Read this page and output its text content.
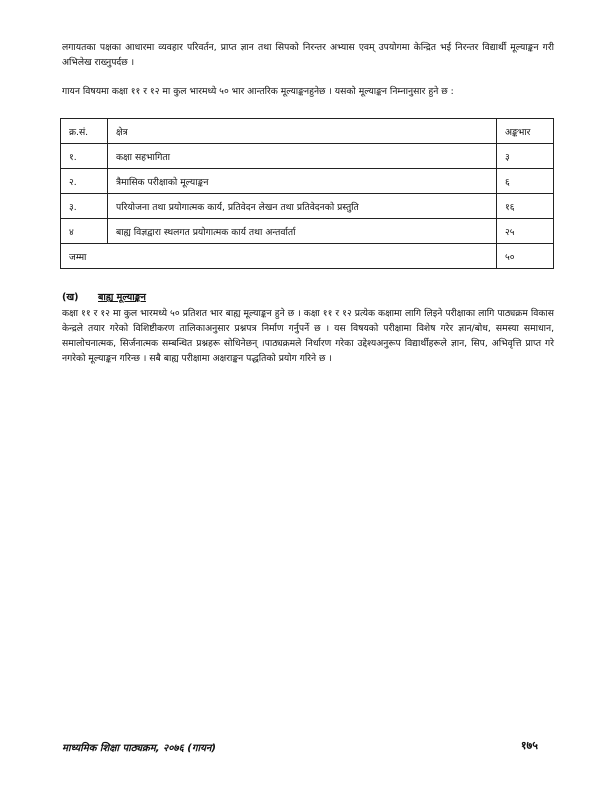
लगायतका पक्षका आधारमा व्यवहार परिवर्तन, प्राप्त ज्ञान तथा सिपको निरन्तर अभ्यास एवम् उपयोगमा केन्द्रित भई निरन्तर विद्यार्थी मूल्याङ्कन गरी अभिलेख राख्नुपर्दछ ।

गायन विषयमा कक्षा ११ र १२ मा कुल भारमध्ये ५० भार आन्तरिक मूल्याङ्कनहुनेछ । यसको मूल्याङ्कन निम्नानुसार हुने छ :

क्र.सं.	क्षेत्र	अङ्कभार
१.	कक्षा सहभागिता	३
२.	त्रैमासिक परीक्षाको मूल्याङ्कन	६
३.	परियोजना तथा प्रयोगात्मक कार्य, प्रतिवेदन लेखन तथा प्रतिवेदनको प्रस्तुति	१६
४	बाह्य विज्ञद्वारा स्थलगत प्रयोगात्मक कार्य तथा अन्तर्वार्ता	२५
जम्मा		५०

(ख) बाह्य मूल्याङ्कन

कक्षा ११ र १२ मा कुल भारमध्ये ५० प्रतिशत भार बाह्य मूल्याङ्कन हुने छ । कक्षा ११ र १२ प्रत्येक कक्षामा लागि लिइने परीक्षाका लागि पाठ्यक्रम विकास केन्द्रले तयार गरेको विशिष्टीकरण तालिकाअनुसार प्रश्नपत्र निर्माण गर्नुपर्ने छ । यस विषयको परीक्षामा विशेष गरेर ज्ञान/बोध, समस्या समाधान, समालोचनात्मक, सिर्जनात्मक सम्बन्धित प्रश्नहरू सोधिनेछन् ।पाठ्यक्रमले निर्धारण गरेका उद्देश्यअनुरूप विद्यार्थीहरूले ज्ञान, सिप, अभिवृत्ति प्राप्त गरे नगरेको मूल्याङ्कन गरिन्छ । सबै बाह्य परीक्षामा अक्षराङ्कन पद्धतिको प्रयोग गरिने छ ।

माध्यमिक शिक्षा पाठ्यक्रम, २०७६ (गायन)	१७५
